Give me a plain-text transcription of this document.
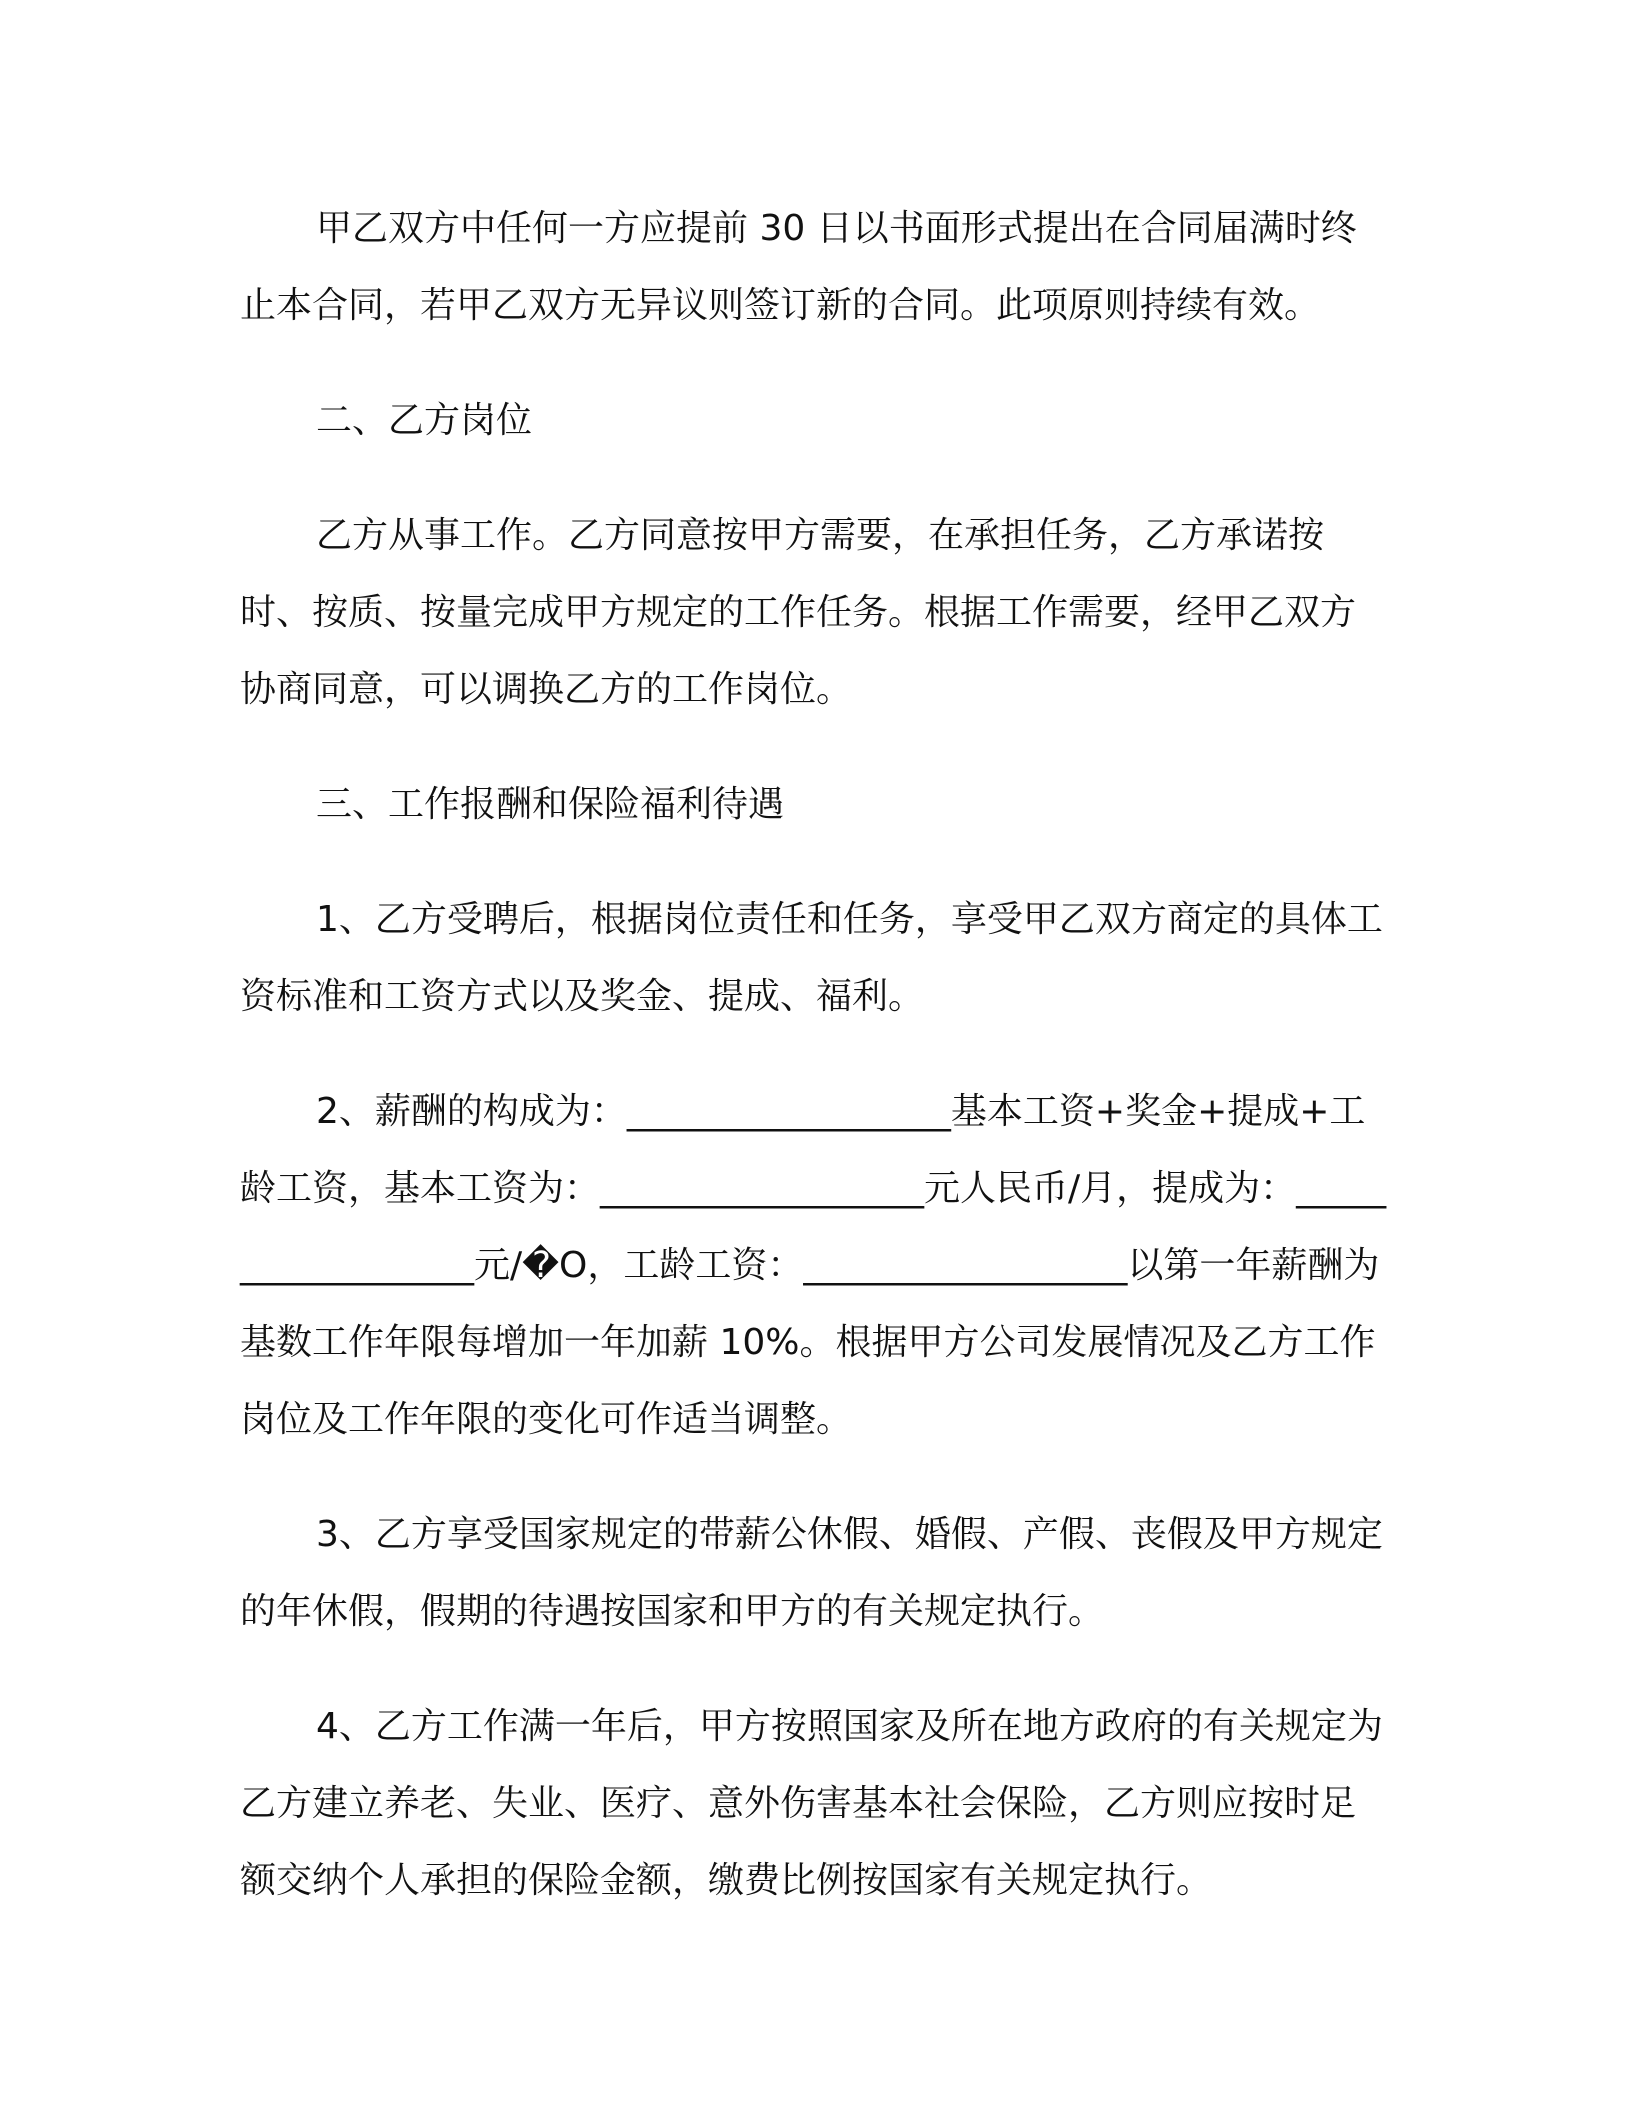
甲乙双方中任何一方应提前 30 日以书面形式提出在合同届满时终止本合同，若甲乙双方无异议则签订新的合同。此项原则持续有效。

二、乙方岗位

乙方从事工作。乙方同意按甲方需要，在承担任务，乙方承诺按时、按质、按量完成甲方规定的工作任务。根据工作需要，经甲乙双方协商同意，可以调换乙方的工作岗位。

三、工作报酬和保险福利待遇

1、乙方受聘后，根据岗位责任和任务，享受甲乙双方商定的具体工资标准和工资方式以及奖金、提成、福利。

2、薪酬的构成为：__________________基本工资+奖金+提成+工龄工资，基本工资为：__________________元人民币/月，提成为：__________________元/�O，工龄工资：__________________以第一年薪酬为基数工作年限每增加一年加薪 10%。根据甲方公司发展情况及乙方工作岗位及工作年限的变化可作适当调整。

3、乙方享受国家规定的带薪公休假、婚假、产假、丧假及甲方规定的年休假，假期的待遇按国家和甲方的有关规定执行。

4、乙方工作满一年后，甲方按照国家及所在地方政府的有关规定为乙方建立养老、失业、医疗、意外伤害基本社会保险，乙方则应按时足额交纳个人承担的保险金额，缴费比例按国家有关规定执行。
